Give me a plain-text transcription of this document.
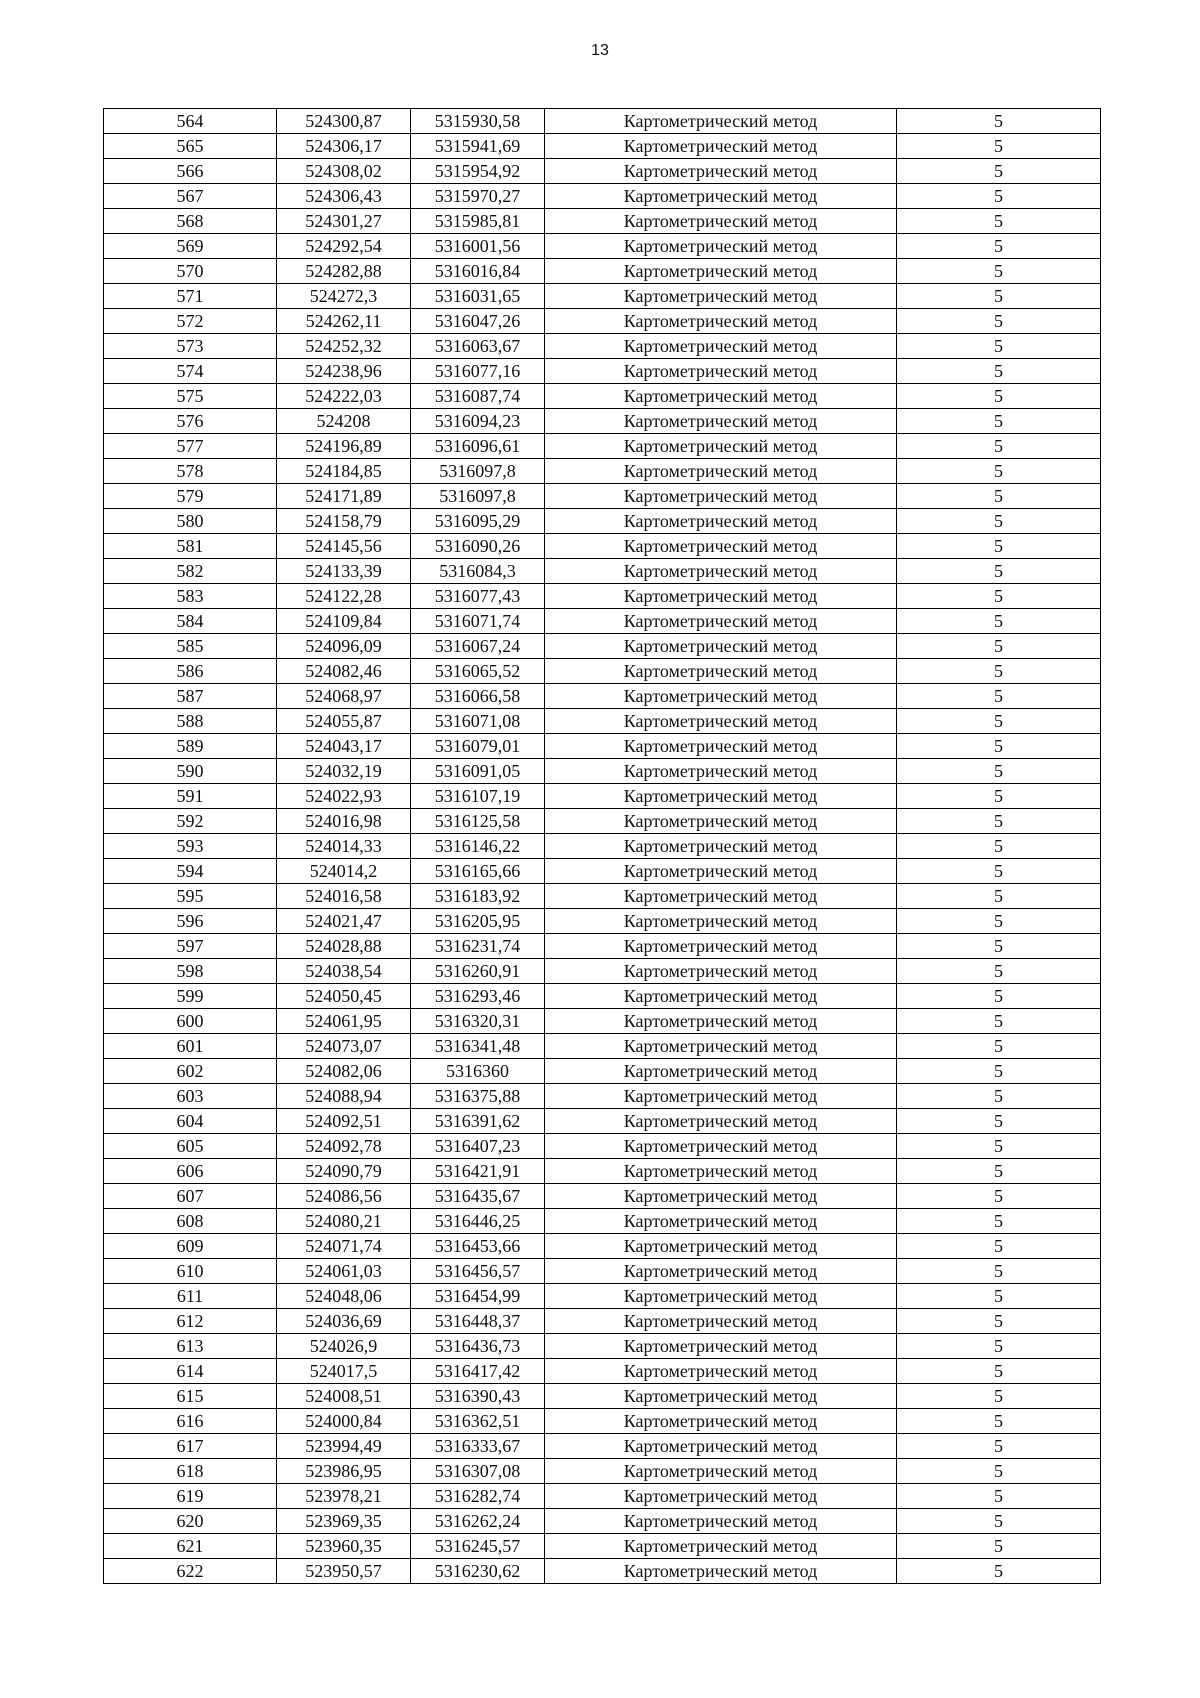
13
564	524300,87	5315930,58	Картометрический метод	5
565	524306,17	5315941,69	Картометрический метод	5
566	524308,02	5315954,92	Картометрический метод	5
567	524306,43	5315970,27	Картометрический метод	5
568	524301,27	5315985,81	Картометрический метод	5
569	524292,54	5316001,56	Картометрический метод	5
570	524282,88	5316016,84	Картометрический метод	5
571	524272,3	5316031,65	Картометрический метод	5
572	524262,11	5316047,26	Картометрический метод	5
573	524252,32	5316063,67	Картометрический метод	5
574	524238,96	5316077,16	Картометрический метод	5
575	524222,03	5316087,74	Картометрический метод	5
576	524208	5316094,23	Картометрический метод	5
577	524196,89	5316096,61	Картометрический метод	5
578	524184,85	5316097,8	Картометрический метод	5
579	524171,89	5316097,8	Картометрический метод	5
580	524158,79	5316095,29	Картометрический метод	5
581	524145,56	5316090,26	Картометрический метод	5
582	524133,39	5316084,3	Картометрический метод	5
583	524122,28	5316077,43	Картометрический метод	5
584	524109,84	5316071,74	Картометрический метод	5
585	524096,09	5316067,24	Картометрический метод	5
586	524082,46	5316065,52	Картометрический метод	5
587	524068,97	5316066,58	Картометрический метод	5
588	524055,87	5316071,08	Картометрический метод	5
589	524043,17	5316079,01	Картометрический метод	5
590	524032,19	5316091,05	Картометрический метод	5
591	524022,93	5316107,19	Картометрический метод	5
592	524016,98	5316125,58	Картометрический метод	5
593	524014,33	5316146,22	Картометрический метод	5
594	524014,2	5316165,66	Картометрический метод	5
595	524016,58	5316183,92	Картометрический метод	5
596	524021,47	5316205,95	Картометрический метод	5
597	524028,88	5316231,74	Картометрический метод	5
598	524038,54	5316260,91	Картометрический метод	5
599	524050,45	5316293,46	Картометрический метод	5
600	524061,95	5316320,31	Картометрический метод	5
601	524073,07	5316341,48	Картометрический метод	5
602	524082,06	5316360	Картометрический метод	5
603	524088,94	5316375,88	Картометрический метод	5
604	524092,51	5316391,62	Картометрический метод	5
605	524092,78	5316407,23	Картометрический метод	5
606	524090,79	5316421,91	Картометрический метод	5
607	524086,56	5316435,67	Картометрический метод	5
608	524080,21	5316446,25	Картометрический метод	5
609	524071,74	5316453,66	Картометрический метод	5
610	524061,03	5316456,57	Картометрический метод	5
611	524048,06	5316454,99	Картометрический метод	5
612	524036,69	5316448,37	Картометрический метод	5
613	524026,9	5316436,73	Картометрический метод	5
614	524017,5	5316417,42	Картометрический метод	5
615	524008,51	5316390,43	Картометрический метод	5
616	524000,84	5316362,51	Картометрический метод	5
617	523994,49	5316333,67	Картометрический метод	5
618	523986,95	5316307,08	Картометрический метод	5
619	523978,21	5316282,74	Картометрический метод	5
620	523969,35	5316262,24	Картометрический метод	5
621	523960,35	5316245,57	Картометрический метод	5
622	523950,57	5316230,62	Картометрический метод	5
